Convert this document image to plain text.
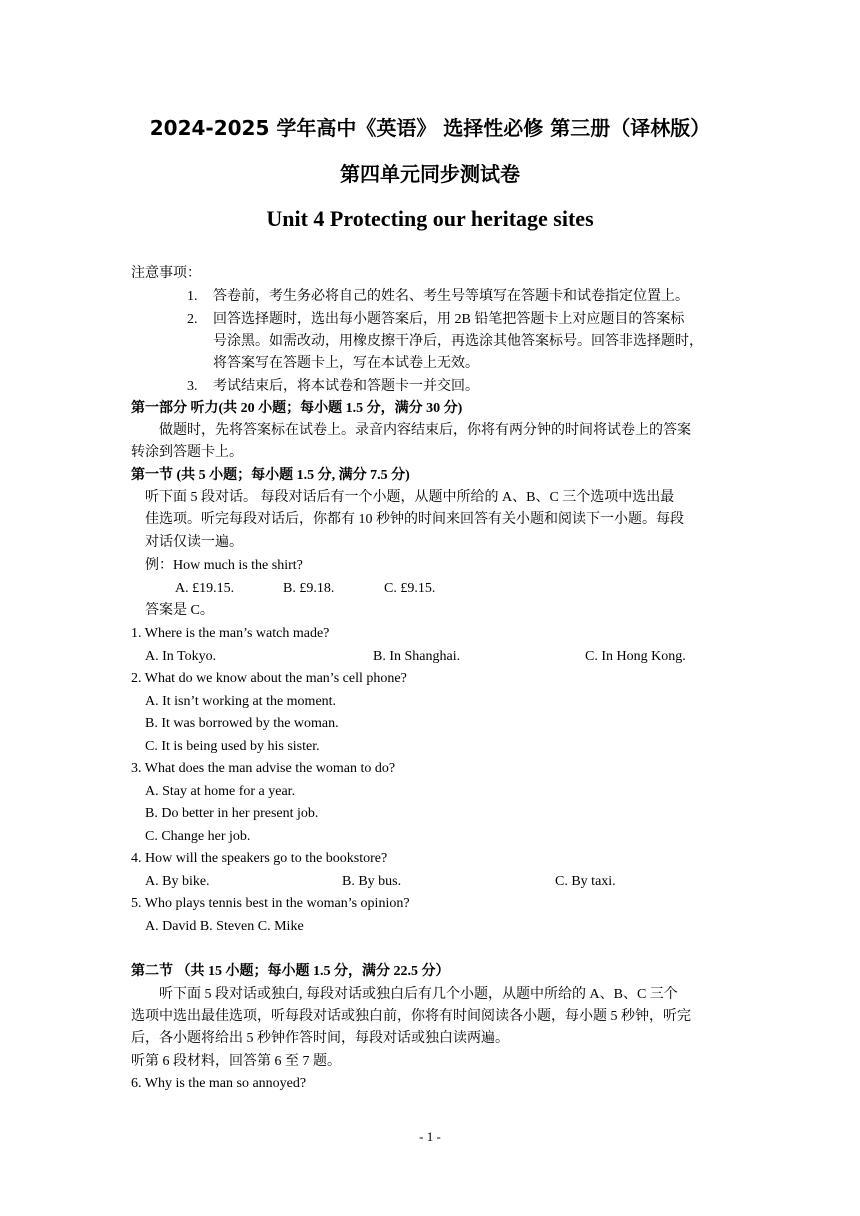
2024-2025 学年高中《英语》 选择性必修 第三册（译林版）
第四单元同步测试卷
Unit 4 Protecting our heritage sites
注意事项：
1. 答卷前，考生务必将自己的姓名、考生号等填写在答题卡和试卷指定位置上。
2. 回答选择题时，选出每小题答案后，用 2B 铅笔把答题卡上对应题目的答案标
号涂黑。如需改动，用橡皮擦干净后，再选涂其他答案标号。回答非选择题时，
将答案写在答题卡上，写在本试卷上无效。
3. 考试结束后，将本试卷和答题卡一并交回。
第一部分 听力(共 20 小题；每小题 1.5 分，满分 30 分)
做题时，先将答案标在试卷上。录音内容结束后，你将有两分钟的时间将试卷上的答案
转涂到答题卡上。
第一节 (共 5 小题；每小题 1.5 分, 满分 7.5 分)
听下面 5 段对话。 每段对话后有一个小题，从题中所给的 A、B、C 三个选项中选出最
佳选项。听完每段对话后，你都有 10 秒钟的时间来回答有关小题和阅读下一小题。每段
对话仅读一遍。
例：How much is the shirt?
A. £19.15.	B. £9.18.	C. £9.15.
答案是 C。
1. Where is the man’s watch made?
A. In Tokyo.	B. In Shanghai.	C. In Hong Kong.
2. What do we know about the man’s cell phone?
A. It isn’t working at the moment.
B. It was borrowed by the woman.
C. It is being used by his sister.
3. What does the man advise the woman to do?
A. Stay at home for a year.
B. Do better in her present job.
C. Change her job.
4. How will the speakers go to the bookstore?
A. By bike.	B. By bus.	C. By taxi.
5. Who plays tennis best in the woman’s opinion?
A. David B. Steven C. Mike
第二节 （共 15 小题；每小题 1.5 分，满分 22.5 分）
听下面 5 段对话或独白, 每段对话或独白后有几个小题，从题中所给的 A、B、C 三个
选项中选出最佳选项，听每段对话或独白前，你将有时间阅读各小题，每小题 5 秒钟，听完
后，各小题将给出 5 秒钟作答时间，每段对话或独白读两遍。
听第 6 段材料，回答第 6 至 7 题。
6. Why is the man so annoyed?
- 1 -
